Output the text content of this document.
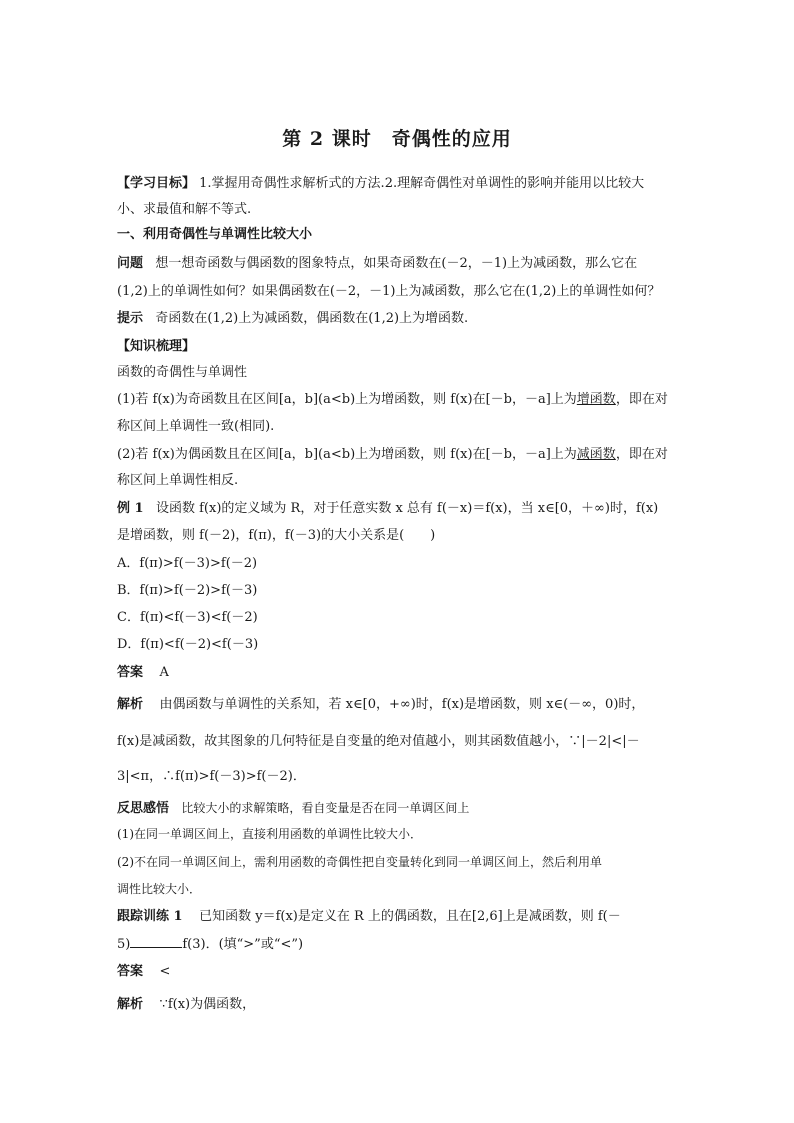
第 2 课时　奇偶性的应用
【学习目标】 1.掌握用奇偶性求解析式的方法.2.理解奇偶性对单调性的影响并能用以比较大
小、求最值和解不等式.
一、利用奇偶性与单调性比较大小
问题 想一想奇函数与偶函数的图象特点，如果奇函数在(－2，－1)上为减函数，那么它在
(1,2)上的单调性如何？如果偶函数在(－2，－1)上为减函数，那么它在(1,2)上的单调性如何？
提示 奇函数在(1,2)上为减函数，偶函数在(1,2)上为增函数.
【知识梳理】
函数的奇偶性与单调性
(1)若 f(x)为奇函数且在区间[a，b](a<b)上为增函数，则 f(x)在[－b，－a]上为增函数，即在对
称区间上单调性一致(相同).
(2)若 f(x)为偶函数且在区间[a，b](a<b)上为增函数，则 f(x)在[－b，－a]上为减函数，即在对
称区间上单调性相反.
例 1 设函数 f(x)的定义域为 R，对于任意实数 x 总有 f(－x)＝f(x)，当 x∈[0，＋∞)时，f(x)
是增函数，则 f(－2)，f(π)，f(－3)的大小关系是(　　)
A．f(π)>f(－3)>f(－2)
B．f(π)>f(－2)>f(－3)
C．f(π)<f(－3)<f(－2)
D．f(π)<f(－2)<f(－3)
答案 A
解析 由偶函数与单调性的关系知，若 x∈[0，+∞)时，f(x)是增函数，则 x∈(－∞，0)时，
f(x)是减函数，故其图象的几何特征是自变量的绝对值越小，则其函数值越小，∵|－2|<|－
3|<π，∴f(π)>f(－3)>f(－2)．
反思感悟 比较大小的求解策略，看自变量是否在同一单调区间上
(1)在同一单调区间上，直接利用函数的单调性比较大小．
(2)不在同一单调区间上，需利用函数的奇偶性把自变量转化到同一单调区间上，然后利用单
调性比较大小．
跟踪训练 1 已知函数 y＝f(x)是定义在 R 上的偶函数，且在[2,6]上是减函数，则 f(－
5)	f(3)．(填“>”或“<”)
答案 <
解析 ∵f(x)为偶函数，
